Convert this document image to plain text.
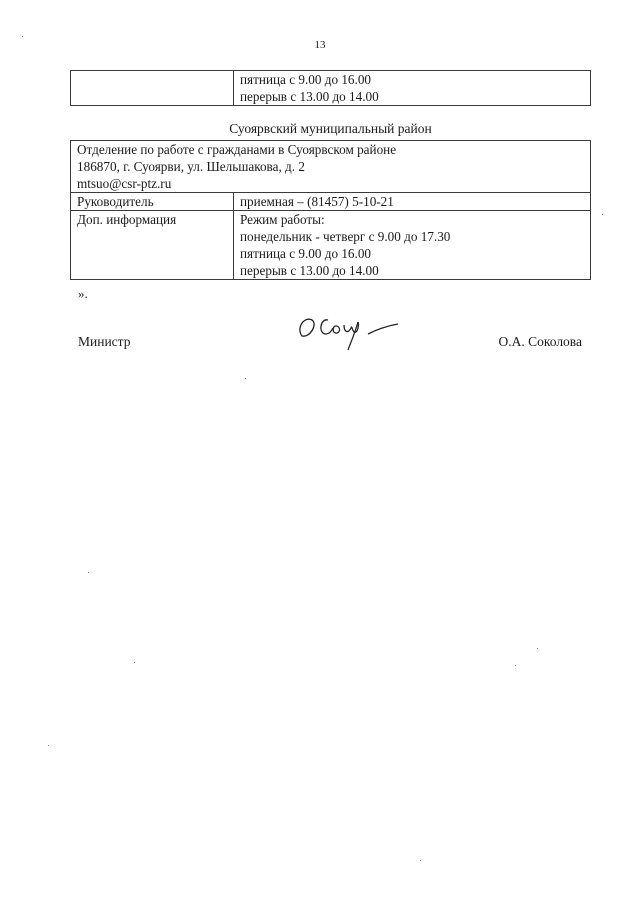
13

пятница с 9.00 до 16.00
перерыв с 13.00 до 14.00
Суоярвский муниципальный район
Отделение по работе с гражданами в Суоярвском районе
186870, г. Суоярви, ул. Шельшакова, д. 2
mtsuo@csr-ptz.ru	

Руководитель	приемная – (81457) 5-10-21

Доп. информация	Режим работы:
понедельник - четверг с 9.00 до 17.30
пятница с 9.00 до 16.00
перерыв с 13.00 до 14.00
».
Министр	О.А. Соколова
